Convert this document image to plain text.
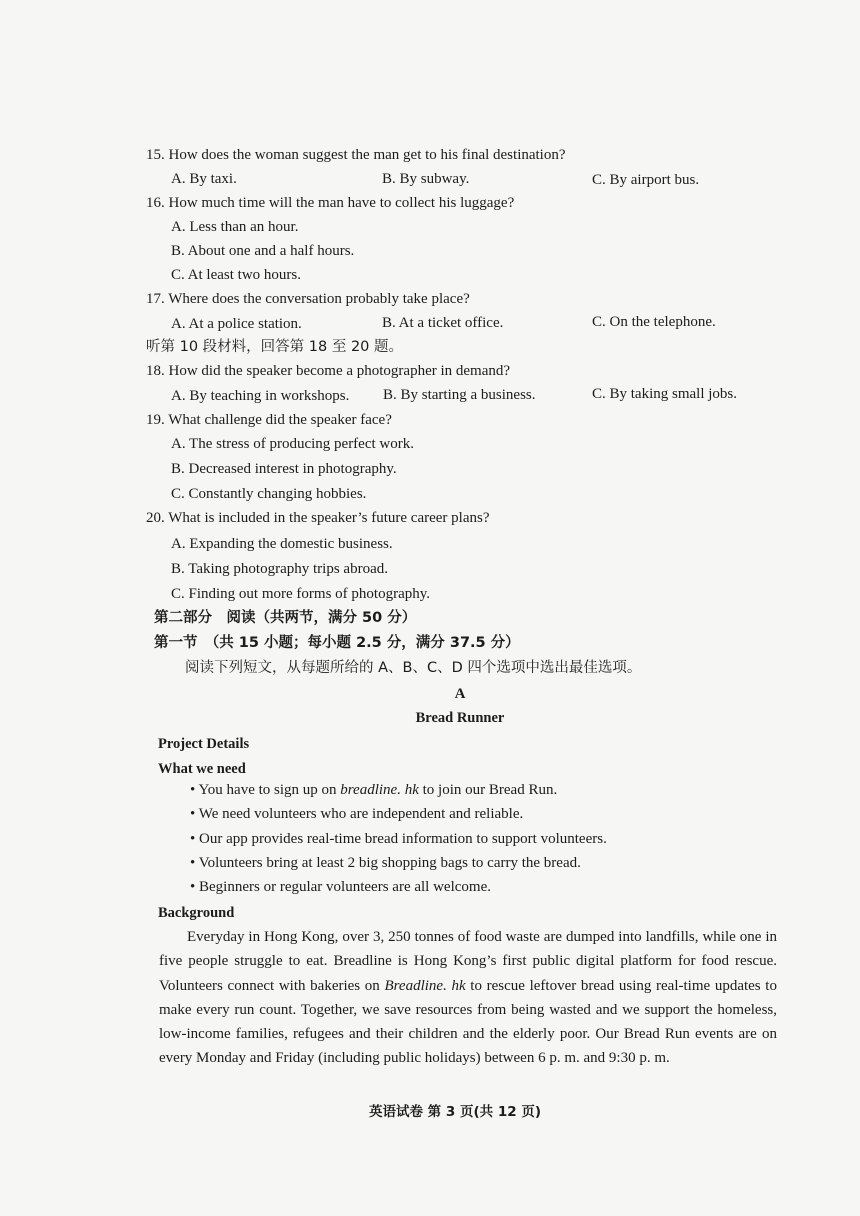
15. How does the woman suggest the man get to his final destination?
A. By taxi.	B. By subway.	C. By airport bus.
16. How much time will the man have to collect his luggage?
A. Less than an hour.
B. About one and a half hours.
C. At least two hours.
17. Where does the conversation probably take place?
A. At a police station.	B. At a ticket office.	C. On the telephone.
听第 10 段材料，回答第 18 至 20 题。
18. How did the speaker become a photographer in demand?
A. By teaching in workshops. B. By starting a business.	C. By taking small jobs.
19. What challenge did the speaker face?
A. The stress of producing perfect work.
B. Decreased interest in photography.
C. Constantly changing hobbies.
20. What is included in the speaker’s future career plans?
A. Expanding the domestic business.
B. Taking photography trips abroad.
C. Finding out more forms of photography.
第二部分　阅读（共两节，满分 50 分）
第一节　（共 15 小题；每小题 2.5 分，满分 37.5 分）
阅读下列短文，从每题所给的 A、B、C、D 四个选项中选出最佳选项。
A
Bread Runner
Project Details
What we need
• You have to sign up on breadline. hk to join our Bread Run.
• We need volunteers who are independent and reliable.
• Our app provides real-time bread information to support volunteers.
• Volunteers bring at least 2 big shopping bags to carry the bread.
• Beginners or regular volunteers are all welcome.
Background
Everyday in Hong Kong, over 3, 250 tonnes of food waste are dumped into landfills, while one in five people struggle to eat. Breadline is Hong Kong’s first public digital platform for food rescue. Volunteers connect with bakeries on Breadline. hk to rescue leftover bread using real-time updates to make every run count. Together, we save resources from being wasted and we support the homeless, low-income families, refugees and their children and the elderly poor. Our Bread Run events are on every Monday and Friday (including public holidays) between 6 p. m. and 9:30 p. m.
英语试卷 第 3 页(共 12 页)
